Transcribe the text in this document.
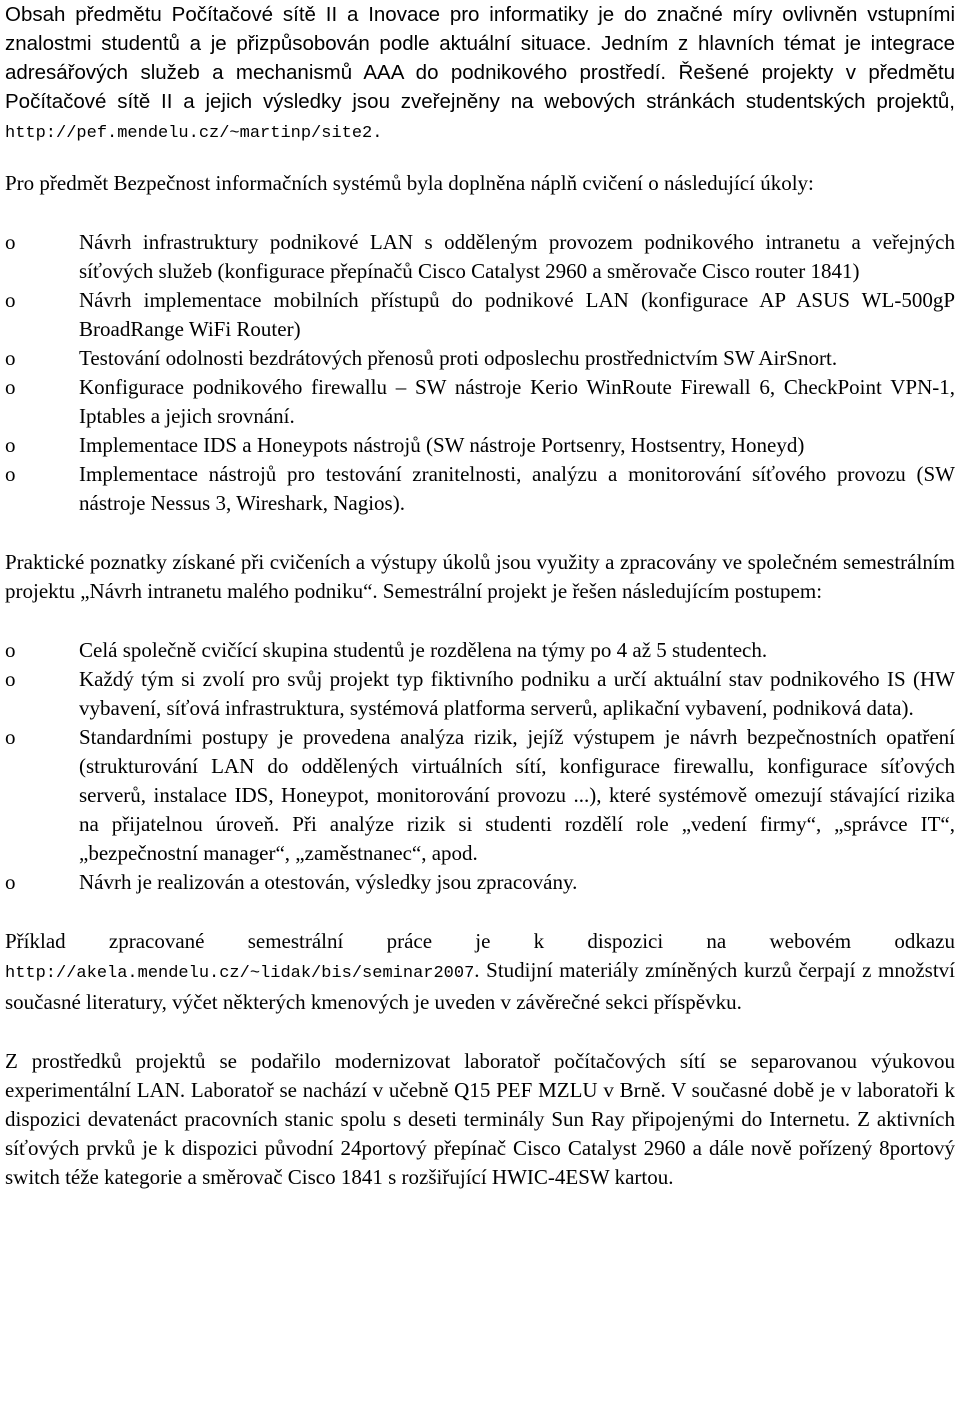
Obsah předmětu Počítačové sítě II a Inovace pro informatiky je do značné míry ovlivněn vstupními znalostmi studentů a je přizpůsobován podle aktuální situace. Jedním z hlavních témat je integrace adresářových služeb a mechanismů AAA do podnikového prostředí. Řešené projekty v předmětu Počítačové sítě II a jejich výsledky jsou zveřejněny na webových stránkách studentských projektů, http://pef.mendelu.cz/~martinp/site2.

Pro předmět Bezpečnost informačních systémů byla doplněna náplň cvičení o následující úkoly:

o	Návrh infrastruktury podnikové LAN s odděleným provozem podnikového intranetu a veřejných síťových služeb (konfigurace přepínačů Cisco Catalyst 2960 a směrovače Cisco router 1841)
o	Návrh implementace mobilních přístupů do podnikové LAN (konfigurace AP ASUS WL-500gP BroadRange WiFi Router)
o	Testování odolnosti bezdrátových přenosů proti odposlechu prostřednictvím SW AirSnort.
o	Konfigurace podnikového firewallu – SW nástroje Kerio WinRoute Firewall 6, CheckPoint VPN-1, Iptables a jejich srovnání.
o	Implementace IDS a Honeypots nástrojů (SW nástroje Portsenry, Hostsentry, Honeyd)
o	Implementace nástrojů pro testování zranitelnosti, analýzu a monitorování síťového provozu (SW nástroje Nessus 3, Wireshark, Nagios).

Praktické poznatky získané při cvičeních a výstupy úkolů jsou využity a zpracovány ve společném semestrálním projektu „Návrh intranetu malého podniku“. Semestrální projekt je řešen následujícím postupem:

o	Celá společně cvičící skupina studentů je rozdělena na týmy po 4 až 5 studentech.
o	Každý tým si zvolí pro svůj projekt typ fiktivního podniku a určí aktuální stav podnikového IS (HW vybavení, síťová infrastruktura, systémová platforma serverů, aplikační vybavení, podniková data).
o	Standardními postupy je provedena analýza rizik, jejíž výstupem je návrh bezpečnostních opatření (strukturování LAN do oddělených virtuálních sítí, konfigurace firewallu, konfigurace síťových serverů, instalace IDS, Honeypot, monitorování provozu ...), které systémově omezují stávající rizika na přijatelnou úroveň. Při analýze rizik si studenti rozdělí role „vedení firmy“, „správce IT“, „bezpečnostní manager“, „zaměstnanec“, apod.
o	Návrh je realizován a otestován, výsledky jsou zpracovány.

Příklad zpracované semestrální práce je k dispozici na webovém odkazu http://akela.mendelu.cz/~lidak/bis/seminar2007. Studijní materiály zmíněných kurzů čerpají z množství současné literatury, výčet některých kmenových je uveden v závěrečné sekci příspěvku.

Z prostředků projektů se podařilo modernizovat laboratoř počítačových sítí se separovanou výukovou experimentální LAN. Laboratoř se nachází v učebně Q15 PEF MZLU v Brně. V současné době je v laboratoři k dispozici devatenáct pracovních stanic spolu s deseti terminály Sun Ray připojenými do Internetu. Z aktivních síťových prvků je k dispozici původní 24portový přepínač Cisco Catalyst 2960 a dále nově pořízený 8portový switch téže kategorie a směrovač Cisco 1841 s rozšiřující HWIC-4ESW kartou.
